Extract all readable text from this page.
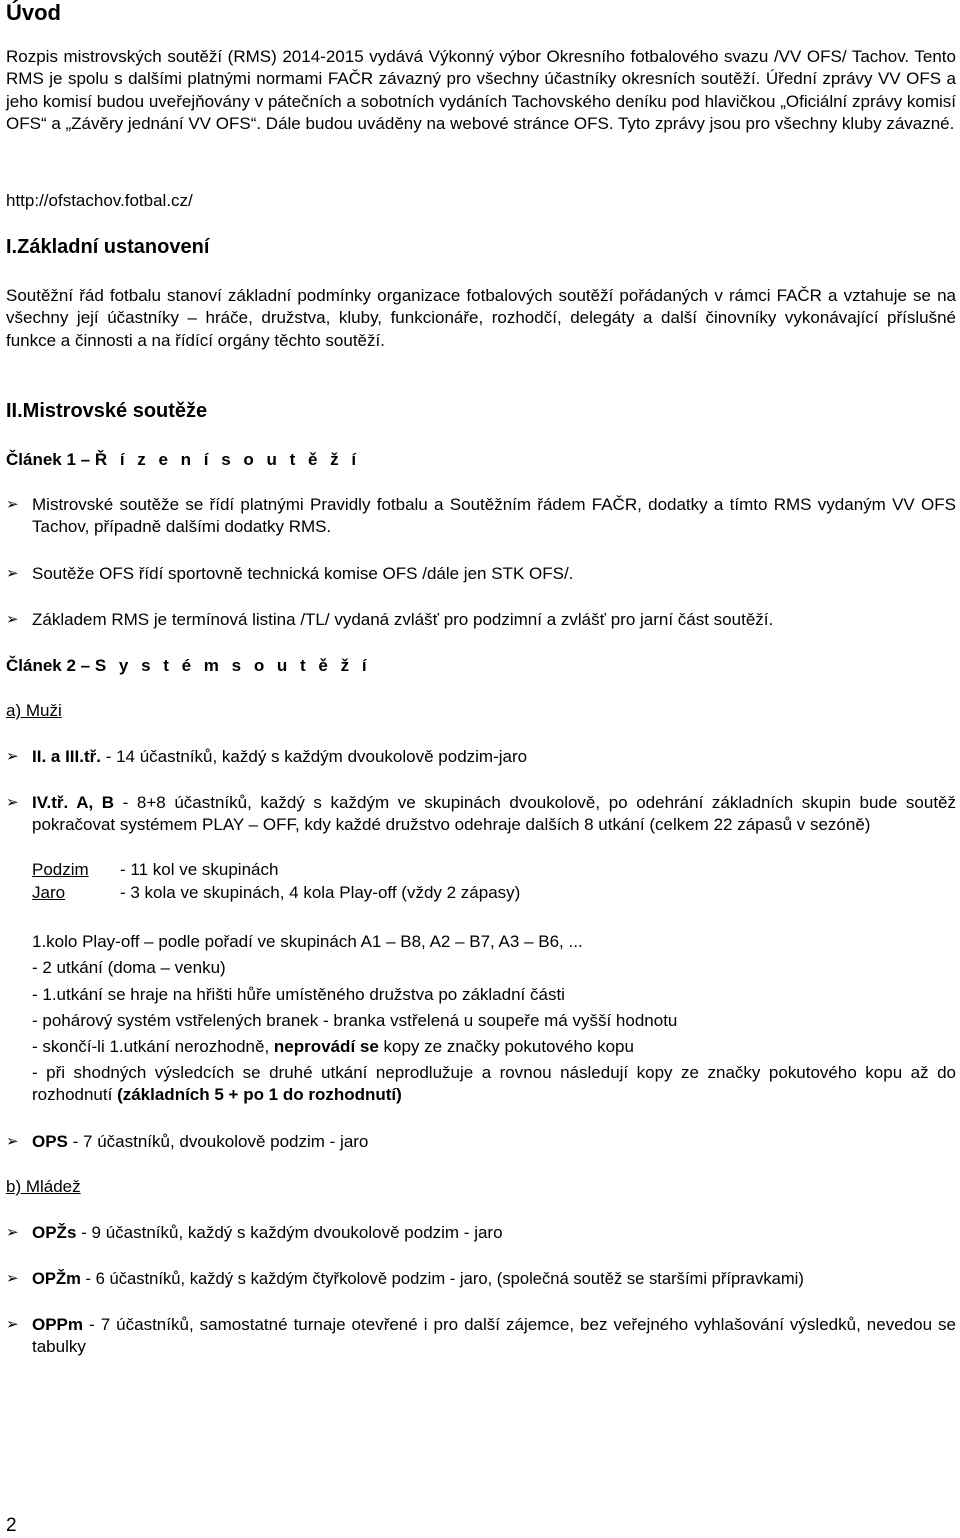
Úvod
Rozpis mistrovských soutěží (RMS) 2014-2015 vydává Výkonný výbor Okresního fotbalového svazu /VV OFS/ Tachov. Tento RMS je spolu s dalšími platnými normami FAČR závazný pro všechny účastníky okresních soutěží. Úřední zprávy VV OFS a jeho komisí budou uveřejňovány v pátečních a sobotních vydáních Tachovského deníku pod hlavičkou „Oficiální zprávy komisí OFS“ a „Závěry jednání VV OFS“. Dále budou uváděny na webové stránce OFS. Tyto zprávy jsou pro všechny kluby závazné.
http://ofstachov.fotbal.cz/
I.Základní ustanovení
Soutěžní řád fotbalu stanoví základní podmínky organizace fotbalových soutěží pořádaných v rámci FAČR a vztahuje se na všechny její účastníky – hráče, družstva, kluby, funkcionáře, rozhodčí, delegáty a další činovníky vykonávající příslušné funkce a činnosti a na řídící orgány těchto soutěží.
II.Mistrovské soutěže
Článek 1 – Ř í z e n í s o u t ě ž í
➢ Mistrovské soutěže se řídí platnými Pravidly fotbalu a Soutěžním řádem FAČR, dodatky a tímto RMS vydaným VV OFS Tachov, případně dalšími dodatky RMS.
➢ Soutěže OFS řídí sportovně technická komise OFS /dále jen STK OFS/.
➢ Základem RMS je termínová listina /TL/ vydaná zvlášť pro podzimní a zvlášť pro jarní část soutěží.
Článek 2 – S y s t é m s o u t ě ž í
a) Muži
➢ II. a III.tř. - 14 účastníků, každý s každým dvoukolově podzim-jaro
➢ IV.tř. A, B - 8+8 účastníků, každý s každým ve skupinách dvoukolově, po odehrání základních skupin bude soutěž pokračovat systémem PLAY – OFF, kdy každé družstvo odehraje dalších 8 utkání (celkem 22 zápasů v sezóně)
Podzim - 11 kol ve skupinách
Jaro	- 3 kola ve skupinách, 4 kola Play-off (vždy 2 zápasy)
1.kolo Play-off – podle pořadí ve skupinách A1 – B8, A2 – B7, A3 – B6, ...
- 2 utkání (doma – venku)
- 1.utkání se hraje na hřišti hůře umístěného družstva po základní části
- pohárový systém vstřelených branek - branka vstřelená u soupeře má vyšší hodnotu
- skončí-li 1.utkání nerozhodně, neprovádí se kopy ze značky pokutového kopu
- při shodných výsledcích se druhé utkání neprodlužuje a rovnou následují kopy ze značky pokutového kopu až do rozhodnutí (základních 5 + po 1 do rozhodnutí)
➢ OPS - 7 účastníků, dvoukolově podzim - jaro
b) Mládež
➢ OPŽs - 9 účastníků, každý s každým dvoukolově podzim - jaro
➢ OPŽm - 6 účastníků, každý s každým čtyřkolově podzim - jaro, (společná soutěž se staršími přípravkami)
➢ OPPm - 7 účastníků, samostatné turnaje otevřené i pro další zájemce, bez veřejného vyhlašování výsledků, nevedou se tabulky
2
